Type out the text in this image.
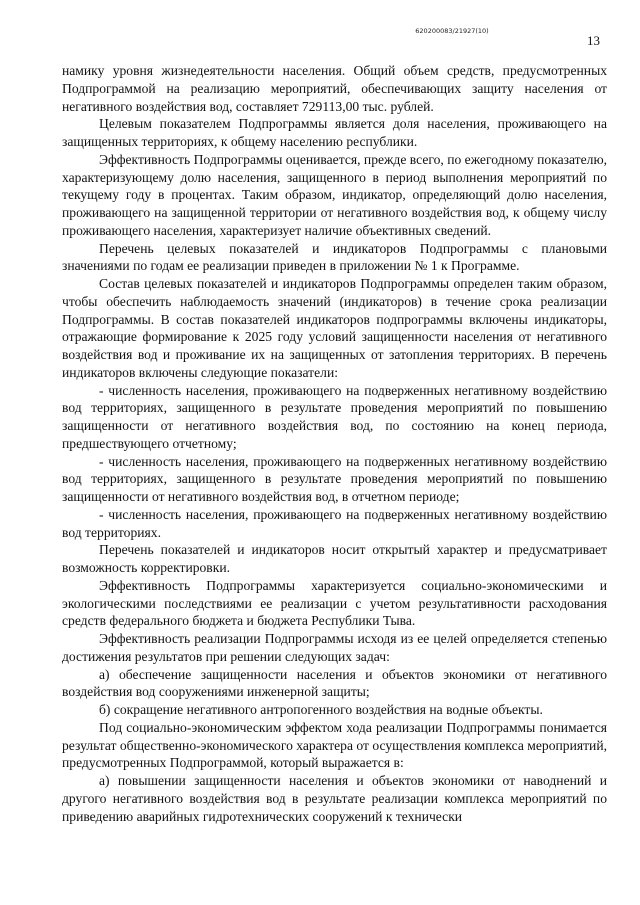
620200083/21927(10)
13

намику уровня жизнедеятельности населения. Общий объем средств, предусмотренных Подпрограммой на реализацию мероприятий, обеспечивающих защиту населения от негативного воздействия вод, составляет 729113,00 тыс. рублей.

Целевым показателем Подпрограммы является доля населения, проживающего на защищенных территориях, к общему населению республики.

Эффективность Подпрограммы оценивается, прежде всего, по ежегодному показателю, характеризующему долю населения, защищенного в период выполнения мероприятий по текущему году в процентах. Таким образом, индикатор, определяющий долю населения, проживающего на защищенной территории от негативного воздействия вод, к общему числу проживающего населения, характеризует наличие объективных сведений.

Перечень целевых показателей и индикаторов Подпрограммы с плановыми значениями по годам ее реализации приведен в приложении № 1 к Программе.

Состав целевых показателей и индикаторов Подпрограммы определен таким образом, чтобы обеспечить наблюдаемость значений (индикаторов) в течение срока реализации Подпрограммы. В состав показателей индикаторов подпрограммы включены индикаторы, отражающие формирование к 2025 году условий защищенности населения от негативного воздействия вод и проживание их на защищенных от затопления территориях. В перечень индикаторов включены следующие показатели:

- численность населения, проживающего на подверженных негативному воздействию вод территориях, защищенного в результате проведения мероприятий по повышению защищенности от негативного воздействия вод, по состоянию на конец периода, предшествующего отчетному;

- численность населения, проживающего на подверженных негативному воздействию вод территориях, защищенного в результате проведения мероприятий по повышению защищенности от негативного воздействия вод, в отчетном периоде;

- численность населения, проживающего на подверженных негативному воздействию вод территориях.

Перечень показателей и индикаторов носит открытый характер и предусматривает возможность корректировки.

Эффективность Подпрограммы характеризуется социально-экономическими и экологическими последствиями ее реализации с учетом результативности расходования средств федерального бюджета и бюджета Республики Тыва.

Эффективность реализации Подпрограммы исходя из ее целей определяется степенью достижения результатов при решении следующих задач:

а) обеспечение защищенности населения и объектов экономики от негативного воздействия вод сооружениями инженерной защиты;

б) сокращение негативного антропогенного воздействия на водные объекты.

Под социально-экономическим эффектом хода реализации Подпрограммы понимается результат общественно-экономического характера от осуществления комплекса мероприятий, предусмотренных Подпрограммой, который выражается в:

а) повышении защищенности населения и объектов экономики от наводнений и другого негативного воздействия вод в результате реализации комплекса мероприятий по приведению аварийных гидротехнических сооружений к технически
